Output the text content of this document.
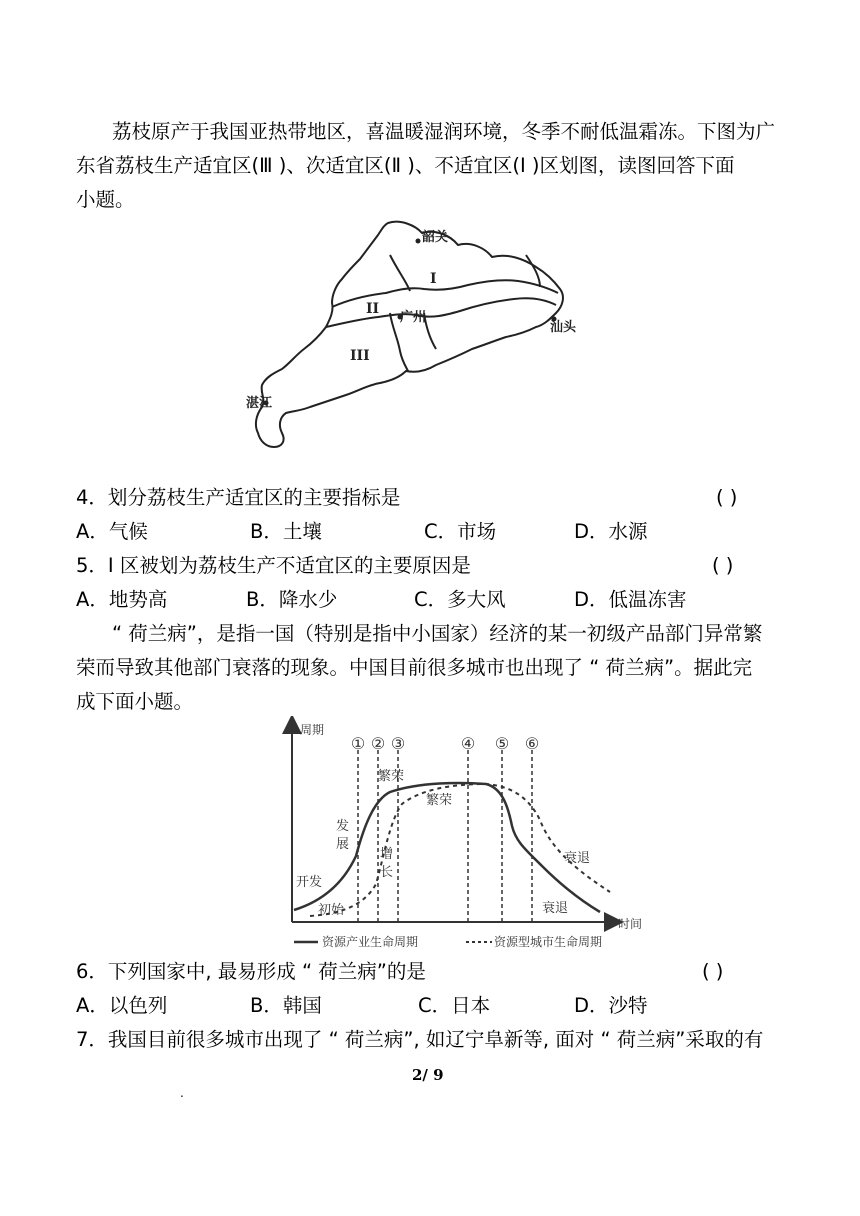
荔枝原产于我国亚热带地区，喜温暖湿润环境，冬季不耐低温霜冻。下图为广
东省荔枝生产适宜区(Ⅲ )、次适宜区(Ⅱ )、不适宜区(Ⅰ )区划图，读图回答下面
小题。
韶关
广州
汕头
湛江
I
II
III
4．划分荔枝生产适宜区的主要指标是	( )
A．气候	B．土壤	C．市场	D．水源
5．Ⅰ 区被划为荔枝生产不适宜区的主要原因是	( )
A．地势高	B．降水少	C．多大风	D．低温冻害
“ 荷兰病”，是指一国（特别是指中小国家）经济的某一初级产品部门异常繁
荣而导致其他部门衰落的现象。中国目前很多城市也出现了 “ 荷兰病”。据此完
成下面小题。
周期
时间
① ② ③	④ ⑤ ⑥
开发
发展
繁荣
衰退
初始
增长
繁荣
衰退
资源产业生命周期	资源型城市生命周期
6．下列国家中, 最易形成 “ 荷兰病”的是	( )
A．以色列	B．韩国	C．日本	D．沙特
7．我国目前很多城市出现了 “ 荷兰病”, 如辽宁阜新等, 面对 “ 荷兰病”采取的有
2/ 9
.
